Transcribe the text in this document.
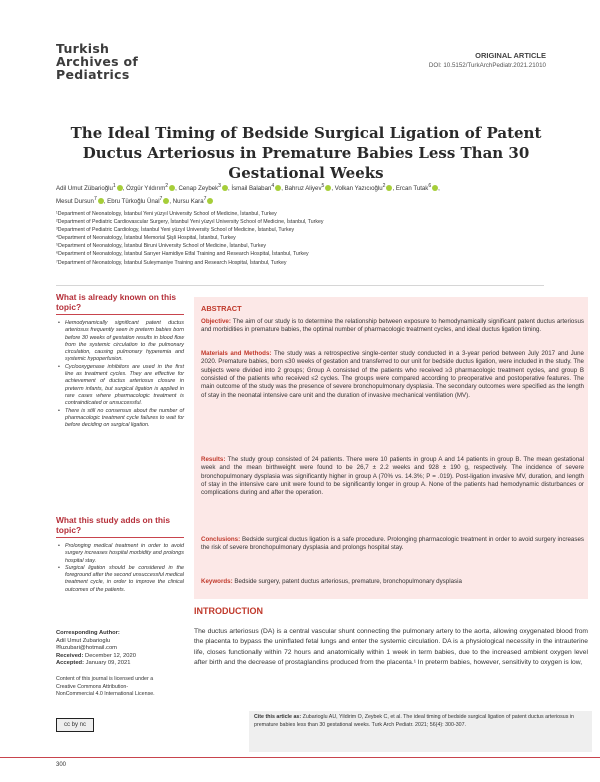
Turkish
Archives of
Pediatrics
ORIGINAL ARTICLE
DOI: 10.5152/TurkArchPediatr.2021.21010
The Ideal Timing of Bedside Surgical Ligation of Patent Ductus Arteriosus in Premature Babies Less Than 30 Gestational Weeks
Adil Umut Zübarioğlu$^1$ , Özgür Yıldırım$^2$ , Cenap Zeybek$^3$ , İsmail Balaban$^4$ , Bahruz Aliyev$^5$ , Volkan Yazıcıoğlu$^2$ , Ercan Tutak$^6$ ,
Mesut Dursun$^7$ , Ebru Türkoğlu Ünal$^7$ , Nursu Kara$^7$
¹Department of Neonatology, İstanbul Yeni yüzyıl University School of Medicine, İstanbul, Turkey
²Department of Pediatric Cardiovascular Surgery, İstanbul Yeni yüzyıl University School of Medicine, İstanbul, Turkey
³Department of Pediatric Cardiology, İstanbul Yeni yüzyıl University School of Medicine, İstanbul, Turkey
⁴Department of Neonatology, İstanbul Memorial Şişli Hospital, İstanbul, Turkey
⁵Department of Neonatology, İstanbul Biruni University School of Medicine, İstanbul, Turkey
⁶Department of Neonatology, İstanbul Sarıyer Hamidiye Etfal Training and Research Hospital, İstanbul, Turkey
⁷Department of Neonatology, İstanbul Suleymaniye Training and Research Hospital, İstanbul, Turkey
What is already known on this topic?
• Hemodynamically significant patent ductus arteriosus frequently seen in preterm babies born before 30 weeks of gestation results in blood flow from the systemic circulation to the pulmonary circulation, causing pulmonary hyperemia and systemic hypoperfusion.
• Cyclooxygenase inhibitors are used in the first line as treatment cycles. They are effective for achievement of ductus arteriosus closure in preterm infants, but surgical ligation is applied in rare cases where pharmacologic treatment is contraindicated or unsuccessful.
• There is still no consensus about the number of pharmacologic treatment cycle failures to wait for before deciding on surgical ligation.
What this study adds on this topic?
• Prolonging medical treatment in order to avoid surgery increases hospital morbidity and prolongs hospital stay.
• Surgical ligation should be considered in the foreground after the second unsuccessful medical treatment cycle, in order to improve the clinical outcomes of the patients.
Corresponding Author:
Adil Umut Zubarioglu
✉uzubari@hotmail.com
Received: December 12, 2020
Accepted: January 09, 2021
Content of this journal is licensed under a Creative Commons Attribution-NonCommercial 4.0 International License.
cc by nc
ABSTRACT
Objective: The aim of our study is to determine the relationship between exposure to hemodynamically significant patent ductus arteriosus and morbidities in premature babies, the optimal number of pharmacologic treatment cycles, and ideal ductus ligation timing.
Materials and Methods: The study was a retrospective single-center study conducted in a 3-year period between July 2017 and June 2020. Premature babies, born ≤30 weeks of gestation and transferred to our unit for bedside ductus ligation, were included in the study. The subjects were divided into 2 groups; Group A consisted of the patients who received ≥3 pharmacologic treatment cycles, and group B consisted of the patients who received ≤2 cycles. The groups were compared according to preoperative and postoperative features. The main outcome of the study was the presence of severe bronchopulmonary dysplasia. The secondary outcomes were specified as the length of stay in the neonatal intensive care unit and the duration of invasive mechanical ventilation (MV).
Results: The study group consisted of 24 patients. There were 10 patients in group A and 14 patients in group B. The mean gestational week and the mean birthweight were found to be 26,7 ± 2.2 weeks and 928 ± 190 g, respectively. The incidence of severe bronchopulmonary dysplasia was significantly higher in group A (70% vs. 14.3%; P = .019). Post-ligation invasive MV, duration, and length of stay in the intensive care unit were found to be significantly longer in group A. None of the patients had hemodynamic disturbances or complications during and after the operation.
Conclusions: Bedside surgical ductus ligation is a safe procedure. Prolonging pharmacologic treatment in order to avoid surgery increases the risk of severe bronchopulmonary dysplasia and prolongs hospital stay.
Keywords: Bedside surgery, patent ductus arteriosus, premature, bronchopulmonary dysplasia
INTRODUCTION
The ductus arteriosus (DA) is a central vascular shunt connecting the pulmonary artery to the aorta, allowing oxygenated blood from the placenta to bypass the uninflated fetal lungs and enter the systemic circulation. DA is a physiological necessity in the intrauterine life, closes functionally within 72 hours and anatomically within 1 week in term babies, due to the increased ambient oxygen level after birth and the decrease of prostaglandins produced from the placenta.¹ In preterm babies, however, sensitivity to oxygen is low,
Cite this article as: Zubarioglu AU, Yildirim O, Zeybek C, et al. The ideal timing of bedside surgical ligation of patent ductus arteriosus in premature babies less than 30 gestational weeks. Turk Arch Pediatr. 2021; 56(4): 300-307.
300
